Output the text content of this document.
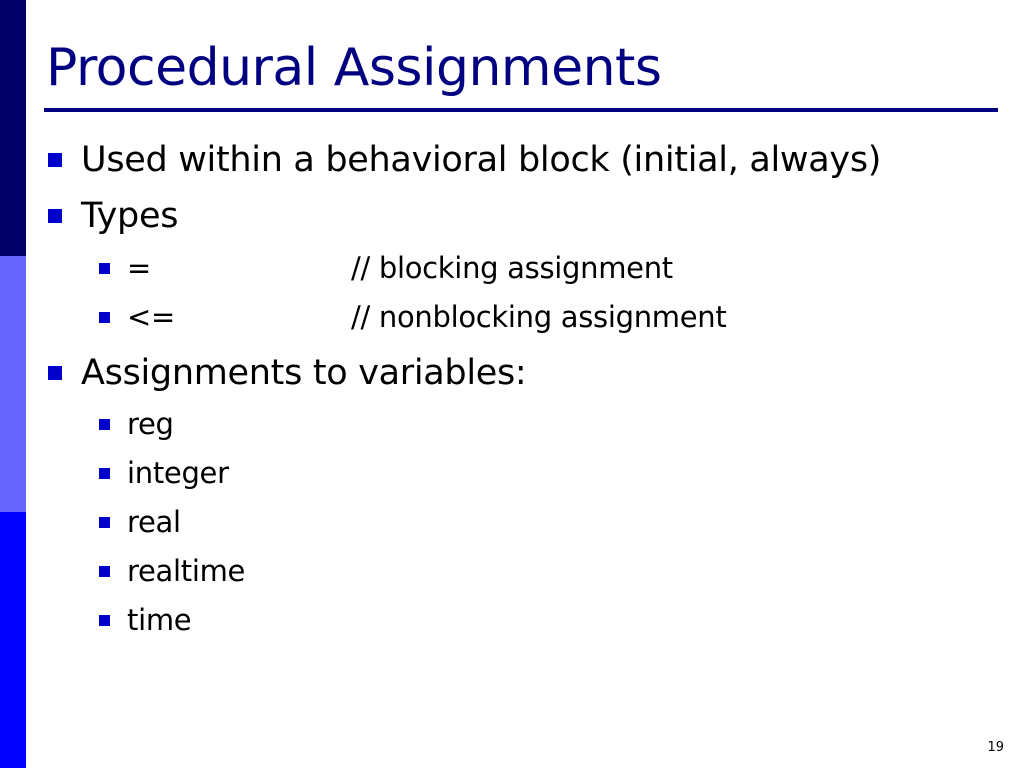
Procedural Assignments
Used within a behavioral block (initial, always)
Types
=	// blocking assignment
<=	// nonblocking assignment
Assignments to variables:
reg
integer
real
realtime
time
19
